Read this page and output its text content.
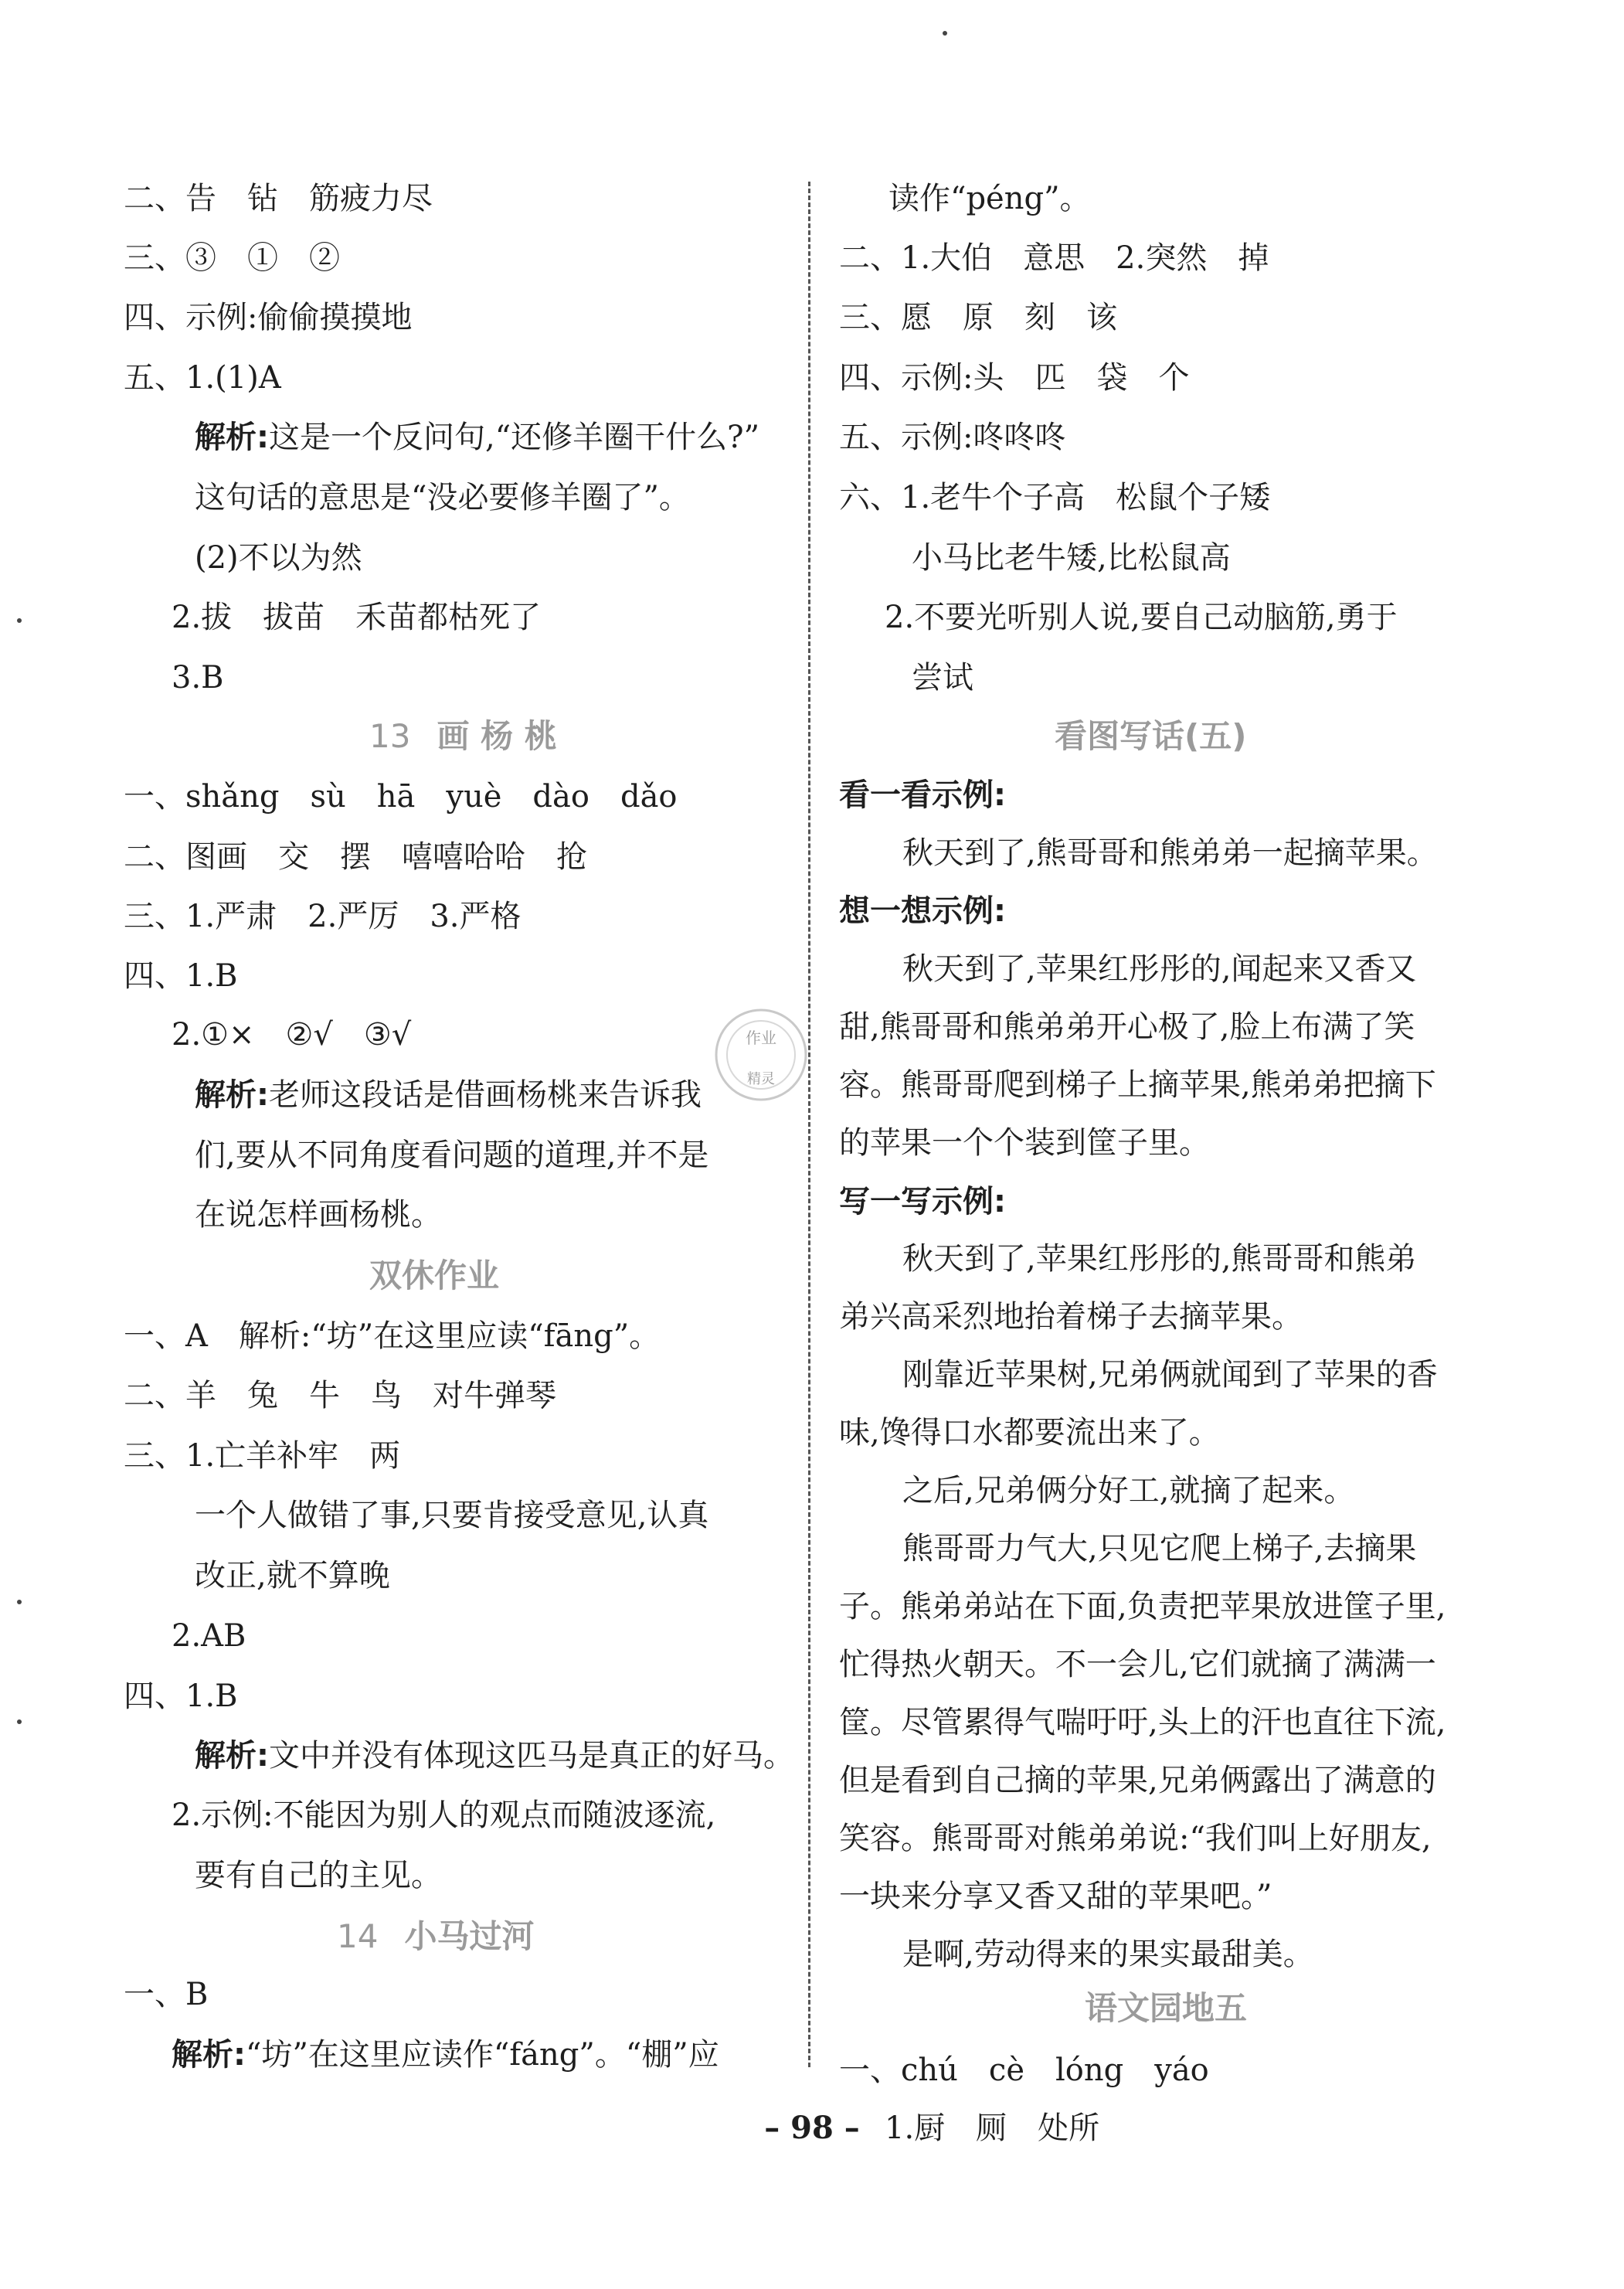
– 98 –
作业
精灵
二、告　钻　筋疲力尽
三、③　①　②
四、示例:偷偷摸摸地
五、1.(1)A
解析:这是一个反问句,“还修羊圈干什么?”
这句话的意思是“没必要修羊圈了”。
(2)不以为然
2.拔　拔苗　禾苗都枯死了
3.B
13 画 杨 桃
一、shǎng　sù　hā　yuè　dào　dǎo
二、图画　交　摆　嘻嘻哈哈　抢
三、1.严肃　2.严厉　3.严格
四、1.B
2.①×　②√　③√
解析:老师这段话是借画杨桃来告诉我
们,要从不同角度看问题的道理,并不是
在说怎样画杨桃。
双休作业
一、A　解析:“坊”在这里应读“fāng”。
二、羊　兔　牛　鸟　对牛弹琴
三、1.亡羊补牢　两
一个人做错了事,只要肯接受意见,认真
改正,就不算晚
2.AB
四、1.B
解析:文中并没有体现这匹马是真正的好马。
2.示例:不能因为别人的观点而随波逐流,
要有自己的主见。
14 小马过河
一、B
解析:“坊”在这里应读作“fáng”。“棚”应
读作“péng”。
二、1.大伯　意思　2.突然　掉
三、愿　原　刻　该
四、示例:头　匹　袋　个
五、示例:咚咚咚
六、1.老牛个子高　松鼠个子矮
小马比老牛矮,比松鼠高
2.不要光听别人说,要自己动脑筋,勇于
尝试
看图写话(五)
看一看示例:
秋天到了,熊哥哥和熊弟弟一起摘苹果。
想一想示例:
秋天到了,苹果红彤彤的,闻起来又香又
甜,熊哥哥和熊弟弟开心极了,脸上布满了笑
容。熊哥哥爬到梯子上摘苹果,熊弟弟把摘下
的苹果一个个装到筐子里。
写一写示例:
秋天到了,苹果红彤彤的,熊哥哥和熊弟
弟兴高采烈地抬着梯子去摘苹果。
刚靠近苹果树,兄弟俩就闻到了苹果的香
味,馋得口水都要流出来了。
之后,兄弟俩分好工,就摘了起来。
熊哥哥力气大,只见它爬上梯子,去摘果
子。熊弟弟站在下面,负责把苹果放进筐子里,
忙得热火朝天。不一会儿,它们就摘了满满一
筐。尽管累得气喘吁吁,头上的汗也直往下流,
但是看到自己摘的苹果,兄弟俩露出了满意的
笑容。熊哥哥对熊弟弟说:“我们叫上好朋友,
一块来分享又香又甜的苹果吧。”
是啊,劳动得来的果实最甜美。
语文园地五
一、chú　cè　lóng　yáo
1.厨　厕　处所
